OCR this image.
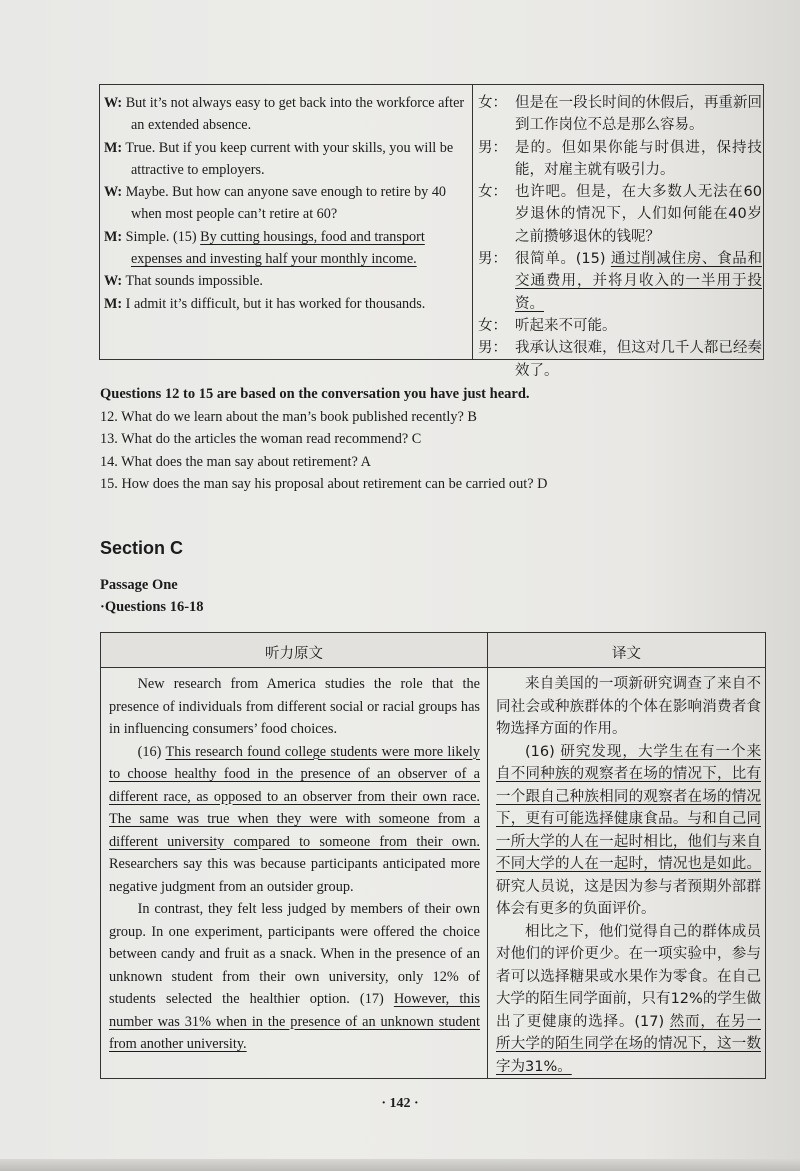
W: But it’s not always easy to get back into the workforce after an extended absence.
M: True. But if you keep current with your skills, you will be attractive to employers.
W: Maybe. But how can anyone save enough to retire by 40 when most people can’t retire at 60?
M: Simple. (15) By cutting housings, food and transport expenses and investing half your monthly income.
W: That sounds impossible.
M: I admit it’s difficult, but it has worked for thousands.
女： 但是在一段长时间的休假后，再重新回到工作岗位不总是那么容易。
男： 是的。但如果你能与时俱进，保持技能，对雇主就有吸引力。
女： 也许吧。但是，在大多数人无法在60岁退休的情况下，人们如何能在40岁之前攒够退休的钱呢？
男： 很简单。(15) 通过削减住房、食品和交通费用，并将月收入的一半用于投资。
女： 听起来不可能。
男： 我承认这很难，但这对几千人都已经奏效了。
Questions 12 to 15 are based on the conversation you have just heard.
12. What do we learn about the man’s book published recently? B
13. What do the articles the woman read recommend? C
14. What does the man say about retirement? A
15. How does the man say his proposal about retirement can be carried out? D
Section C
Passage One
·Questions 16-18
听力原文	译文

New research from America studies the role that the presence of individuals from different social or racial groups has in influencing consumers’ food choices.

(16) This research found college students were more likely to choose healthy food in the presence of an observer of a different race, as opposed to an observer from their own race. The same was true when they were with someone from a different university compared to someone from their own. Researchers say this was because participants anticipated more negative judgment from an outsider group.

In contrast, they felt less judged by members of their own group. In one experiment, participants were offered the choice between candy and fruit as a snack. When in the presence of an unknown student from their own university, only 12% of students selected the healthier option. (17) However, this number was 31% when in the presence of an unknown student from another university.

来自美国的一项新研究调查了来自不同社会或种族群体的个体在影响消费者食物选择方面的作用。

(16) 研究发现，大学生在有一个来自不同种族的观察者在场的情况下，比有一个跟自己种族相同的观察者在场的情况下，更有可能选择健康食品。与和自己同一所大学的人在一起时相比，他们与来自不同大学的人在一起时，情况也是如此。研究人员说，这是因为参与者预期外部群体会有更多的负面评价。

相比之下，他们觉得自己的群体成员对他们的评价更少。在一项实验中，参与者可以选择糖果或水果作为零食。在自己大学的陌生同学面前，只有12%的学生做出了更健康的选择。(17) 然而，在另一所大学的陌生同学在场的情况下，这一数字为31%。

· 142 ·
